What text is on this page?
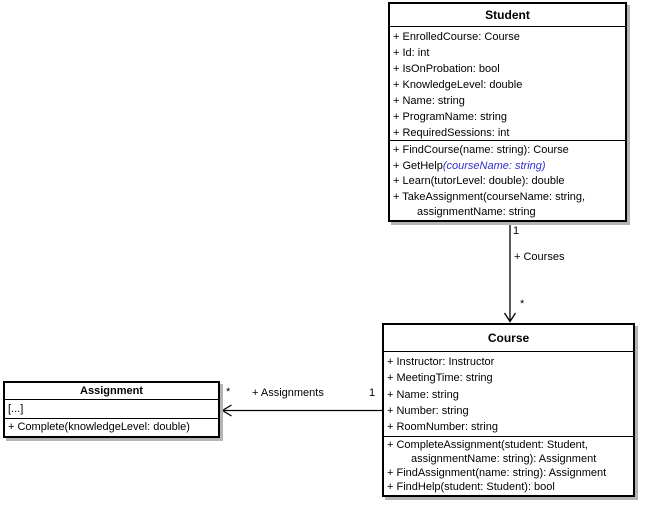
Student
+ EnrolledCourse: Course
+ Id: int
+ IsOnProbation: bool
+ KnowledgeLevel: double
+ Name: string
+ ProgramName: string
+ RequiredSessions: int
+ FindCourse(name: string): Course
+ GetHelp(courseName: string)
+ Learn(tutorLevel: double): double
+ TakeAssignment(courseName: string,
assignmentName: string
Course
+ Instructor: Instructor
+ MeetingTime: string
+ Name: string
+ Number: string
+ RoomNumber: string
+ CompleteAssignment(student: Student,
assignmentName: string): Assignment
+ FindAssignment(name: string): Assignment
+ FindHelp(student: Student): bool
Assignment
[...]
+ Complete(knowledgeLevel: double)
1
+ Courses
*
* + Assignments	1
